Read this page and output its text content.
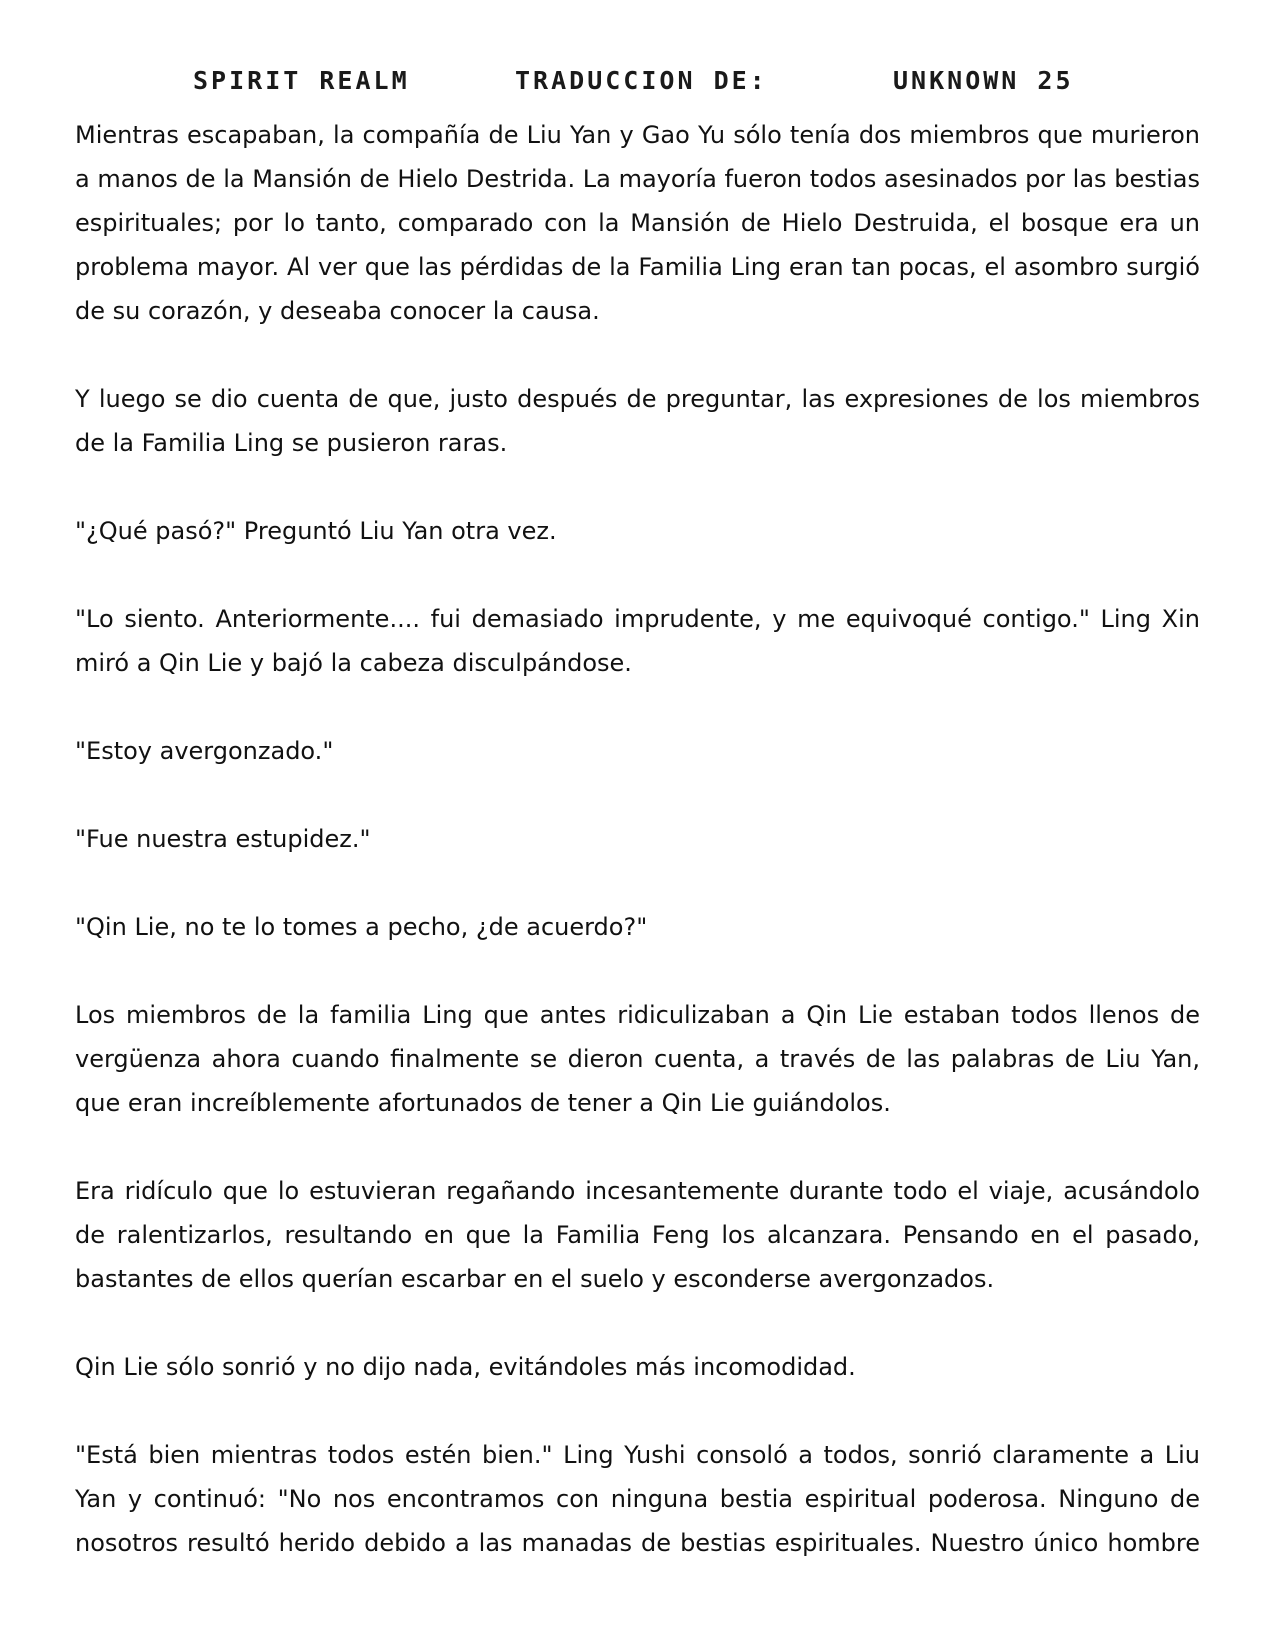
SPIRIT REALM	TRADUCCION DE:	UNKNOWN 25

Mientras escapaban, la compañía de Liu Yan y Gao Yu sólo tenía dos miembros que murieron a manos de la Mansión de Hielo Destrida. La mayoría fueron todos asesinados por las bestias espirituales; por lo tanto, comparado con la Mansión de Hielo Destruida, el bosque era un problema mayor. Al ver que las pérdidas de la Familia Ling eran tan pocas, el asombro surgió de su corazón, y deseaba conocer la causa.

Y luego se dio cuenta de que, justo después de preguntar, las expresiones de los miembros de la Familia Ling se pusieron raras.

"¿Qué pasó?" Preguntó Liu Yan otra vez.

"Lo siento. Anteriormente.... fui demasiado imprudente, y me equivoqué contigo." Ling Xin miró a Qin Lie y bajó la cabeza disculpándose.

"Estoy avergonzado."

"Fue nuestra estupidez."

"Qin Lie, no te lo tomes a pecho, ¿de acuerdo?"

Los miembros de la familia Ling que antes ridiculizaban a Qin Lie estaban todos llenos de vergüenza ahora cuando finalmente se dieron cuenta, a través de las palabras de Liu Yan, que eran increíblemente afortunados de tener a Qin Lie guiándolos.

Era ridículo que lo estuvieran regañando incesantemente durante todo el viaje, acusándolo de ralentizarlos, resultando en que la Familia Feng los alcanzara. Pensando en el pasado, bastantes de ellos querían escarbar en el suelo y esconderse avergonzados.

Qin Lie sólo sonrió y no dijo nada, evitándoles más incomodidad.

"Está bien mientras todos estén bien." Ling Yushi consoló a todos, sonrió claramente a Liu Yan y continuó: "No nos encontramos con ninguna bestia espiritual poderosa. Ninguno de nosotros resultó herido debido a las manadas de bestias espirituales. Nuestro único hombre
